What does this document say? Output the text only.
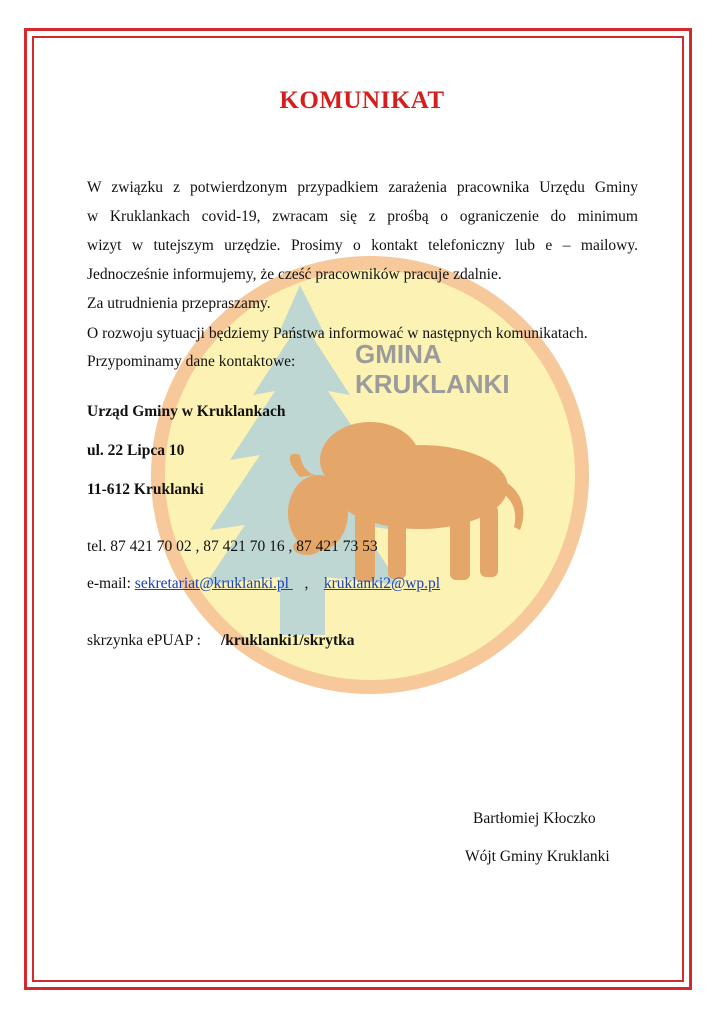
GMINA
KRUKLANKI
KOMUNIKAT
W związku z potwierdzonym przypadkiem zarażenia pracownika Urzędu Gminy
w Kruklankach covid-19, zwracam się z prośbą o ograniczenie do minimum
wizyt w tutejszym urzędzie. Prosimy o kontakt telefoniczny lub e – mailowy.
Jednocześnie informujemy, że cześć pracowników pracuje zdalnie.
Za utrudnienia przepraszamy.
O rozwoju sytuacji będziemy Państwa informować w następnych komunikatach.
Przypominamy dane kontaktowe:
Urząd Gminy w Kruklankach
ul. 22 Lipca 10
11-612 Kruklanki
tel. 87 421 70 02 , 87 421 70 16 , 87 421 73 53
e-mail: sekretariat@kruklanki.pl    ,    kruklanki2@wp.pl
skrzynka ePUAP : /kruklanki1/skrytka
Bartłomiej Kłoczko
Wójt Gminy Kruklanki
